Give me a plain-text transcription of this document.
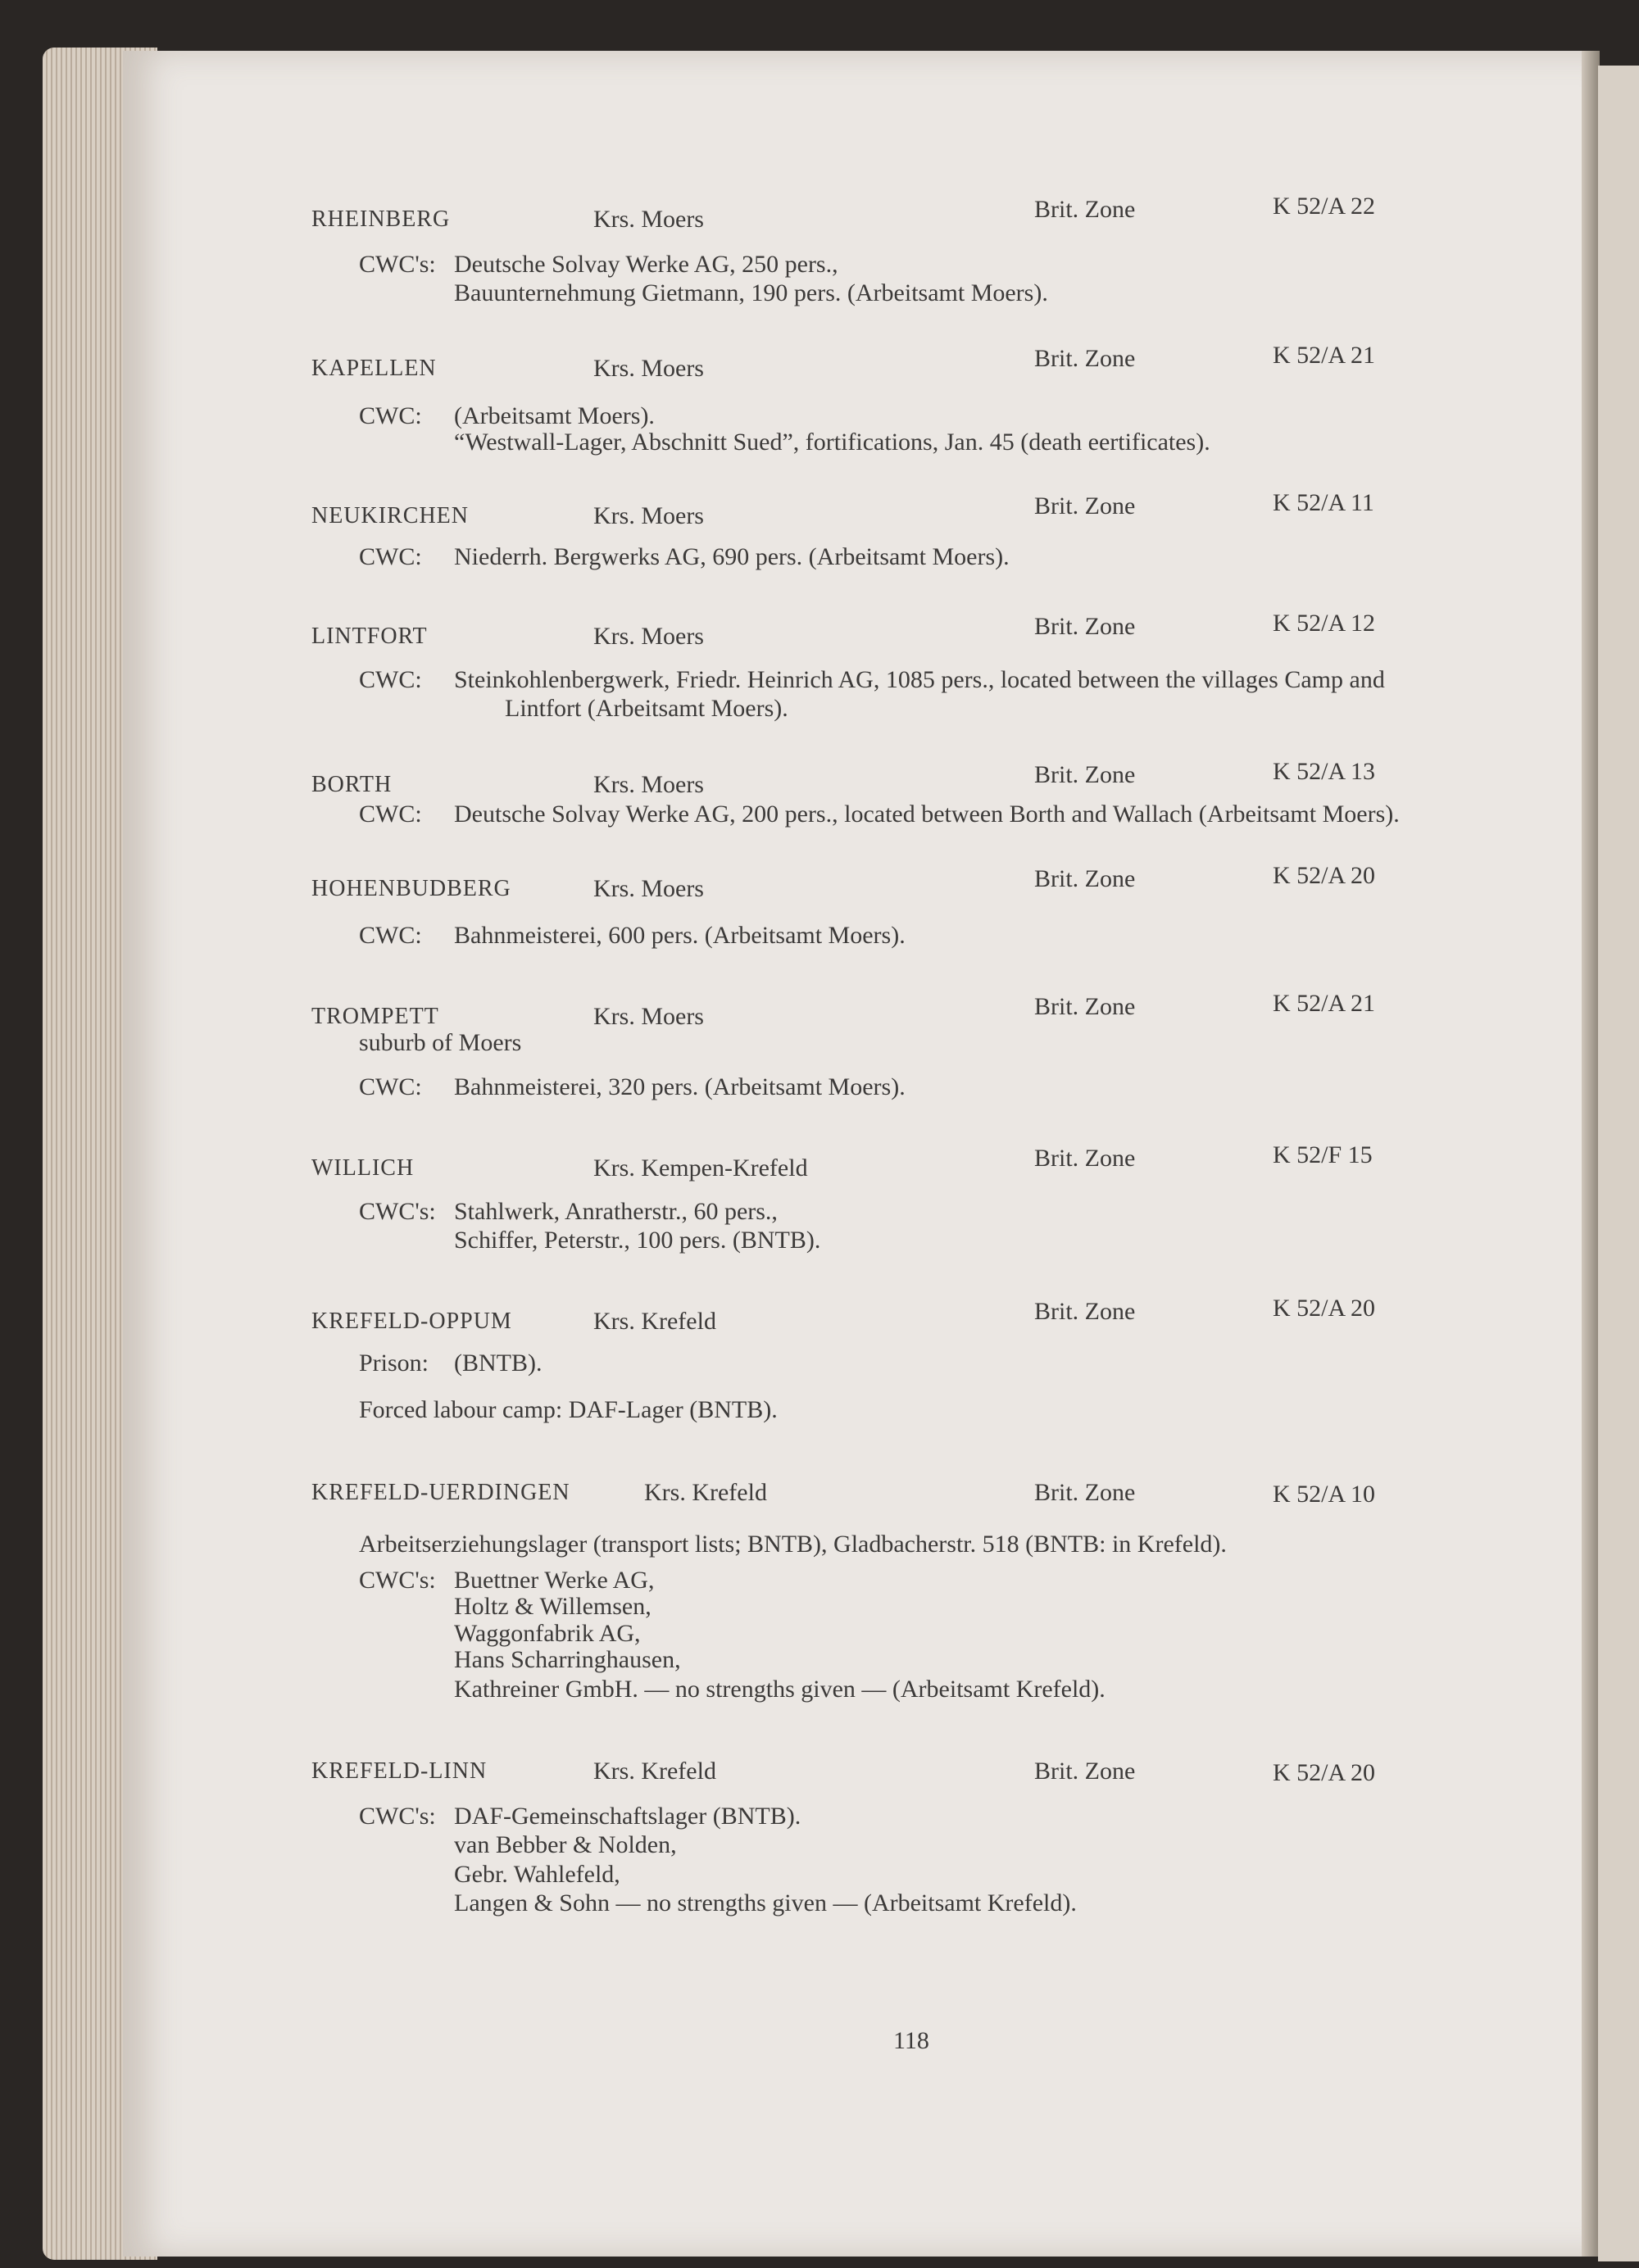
RHEINBERG	Krs. Moers	Brit. Zone	K 52/A 22
CWC's: Deutsche Solvay Werke AG, 250 pers.,
Bauunternehmung Gietmann, 190 pers. (Arbeitsamt Moers).
KAPELLEN	Krs. Moers	Brit. Zone	K 52/A 21
CWC: (Arbeitsamt Moers).
“Westwall-Lager, Abschnitt Sued”, fortifications, Jan. 45 (death eertificates).
NEUKIRCHEN	Krs. Moers	Brit. Zone	K 52/A 11
CWC: Niederrh. Bergwerks AG, 690 pers. (Arbeitsamt Moers).
LINTFORT	Krs. Moers	Brit. Zone	K 52/A 12
CWC: Steinkohlenbergwerk, Friedr. Heinrich AG, 1085 pers., located between the villages Camp and
Lintfort (Arbeitsamt Moers).
BORTH	Krs. Moers	Brit. Zone	K 52/A 13
CWC: Deutsche Solvay Werke AG, 200 pers., located between Borth and Wallach (Arbeitsamt Moers).
HOHENBUDBERG	Krs. Moers	Brit. Zone	K 52/A 20
CWC: Bahnmeisterei, 600 pers. (Arbeitsamt Moers).
TROMPETT	Krs. Moers	Brit. Zone	K 52/A 21
suburb of Moers
CWC: Bahnmeisterei, 320 pers. (Arbeitsamt Moers).
WILLICH	Krs. Kempen-Krefeld	Brit. Zone	K 52/F 15
CWC's: Stahlwerk, Anratherstr., 60 pers.,
Schiffer, Peterstr., 100 pers. (BNTB).
KREFELD-OPPUM	Krs. Krefeld	Brit. Zone	K 52/A 20
Prison: (BNTB).
Forced labour camp: DAF-Lager (BNTB).
KREFELD-UERDINGEN	Krs. Krefeld	Brit. Zone	K 52/A 10
Arbeitserziehungslager (transport lists; BNTB), Gladbacherstr. 518 (BNTB: in Krefeld).
CWC's: Buettner Werke AG,
Holtz & Willemsen,
Waggonfabrik AG,
Hans Scharringhausen,
Kathreiner GmbH. — no strengths given — (Arbeitsamt Krefeld).
KREFELD-LINN	Krs. Krefeld	Brit. Zone	K 52/A 20
CWC's: DAF-Gemeinschaftslager (BNTB).
van Bebber & Nolden,
Gebr. Wahlefeld,
Langen & Sohn — no strengths given — (Arbeitsamt Krefeld).
118
